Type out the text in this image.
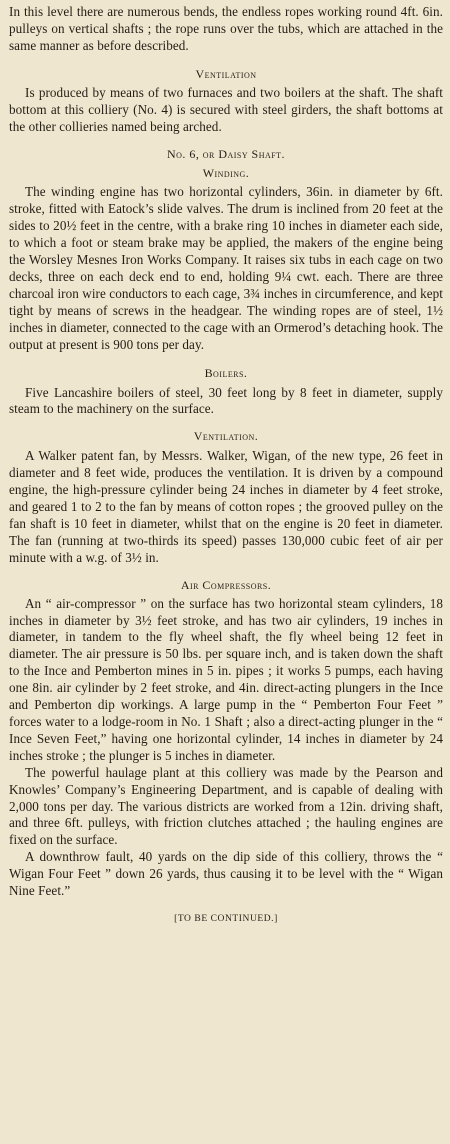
In this level there are numerous bends, the endless ropes working round 4ft. 6in. pulleys on vertical shafts ; the rope runs over the tubs, which are attached in the same manner as before described.

Ventilation

Is produced by means of two furnaces and two boilers at the shaft. The shaft bottom at this colliery (No. 4) is secured with steel girders, the shaft bottoms at the other collieries named being arched.

No. 6, or Daisy Shaft.
Winding.

The winding engine has two horizontal cylinders, 36in. in diameter by 6ft. stroke, fitted with Eatock’s slide valves. The drum is inclined from 20 feet at the sides to 20½ feet in the centre, with a brake ring 10 inches in diameter each side, to which a foot or steam brake may be applied, the makers of the engine being the Worsley Mesnes Iron Works Company. It raises six tubs in each cage on two decks, three on each deck end to end, holding 9¼ cwt. each. There are three charcoal iron wire conductors to each cage, 3¾ inches in circumference, and kept tight by means of screws in the headgear. The winding ropes are of steel, 1½ inches in diameter, connected to the cage with an Ormerod’s detaching hook. The output at present is 900 tons per day.

Boilers.

Five Lancashire boilers of steel, 30 feet long by 8 feet in diameter, supply steam to the machinery on the surface.

Ventilation.

A Walker patent fan, by Messrs. Walker, Wigan, of the new type, 26 feet in diameter and 8 feet wide, produces the ventilation. It is driven by a compound engine, the high-pressure cylinder being 24 inches in diameter by 4 feet stroke, and geared 1 to 2 to the fan by means of cotton ropes ; the grooved pulley on the fan shaft is 10 feet in diameter, whilst that on the engine is 20 feet in diameter. The fan (running at two-thirds its speed) passes 130,000 cubic feet of air per minute with a w.g. of 3½ in.

Air Compressors.

An “ air-compressor ” on the surface has two horizontal steam cylinders, 18 inches in diameter by 3½ feet stroke, and has two air cylinders, 19 inches in diameter, in tandem to the fly wheel shaft, the fly wheel being 12 feet in diameter. The air pressure is 50 lbs. per square inch, and is taken down the shaft to the Ince and Pemberton mines in 5 in. pipes ; it works 5 pumps, each having one 8in. air cylinder by 2 feet stroke, and 4in. direct-acting plungers in the Ince and Pemberton dip workings. A large pump in the “ Pemberton Four Feet ” forces water to a lodge-room in No. 1 Shaft ; also a direct-acting plunger in the “ Ince Seven Feet,” having one horizontal cylinder, 14 inches in diameter by 24 inches stroke ; the plunger is 5 inches in diameter.

The powerful haulage plant at this colliery was made by the Pearson and Knowles’ Company’s Engineering Department, and is capable of dealing with 2,000 tons per day. The various districts are worked from a 12in. driving shaft, and three 6ft. pulleys, with friction clutches attached ; the hauling engines are fixed on the surface.

A downthrow fault, 40 yards on the dip side of this colliery, throws the “ Wigan Four Feet ” down 26 yards, thus causing it to be level with the “ Wigan Nine Feet.”

[TO BE CONTINUED.]
